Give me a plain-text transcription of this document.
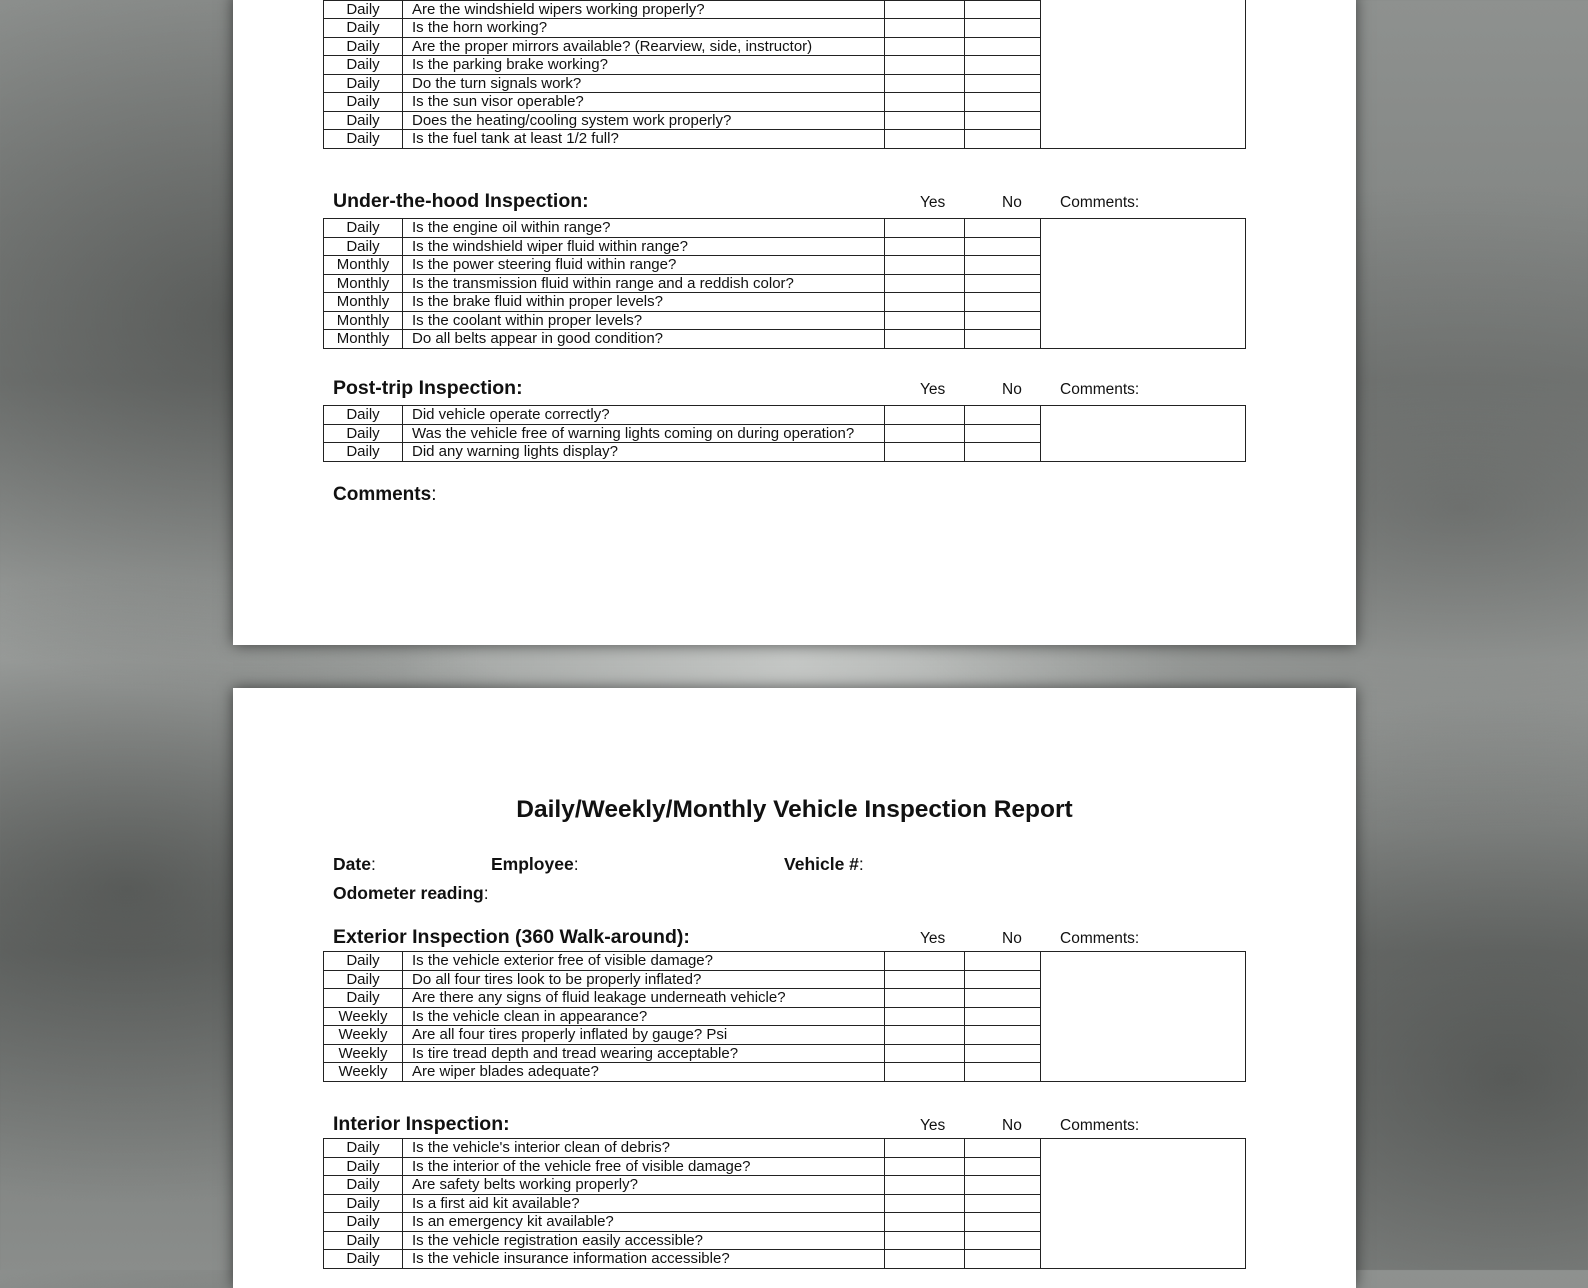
Daily	Are the windshield wipers working properly?			
Daily	Is the horn working?			
Daily	Are the proper mirrors available? (Rearview, side, instructor)			
Daily	Is the parking brake working?			
Daily	Do the turn signals work?			
Daily	Is the sun visor operable?			
Daily	Does the heating/cooling system work properly?			
Daily	Is the fuel tank at least 1/2 full?			
Under-the-hood Inspection:	Yes	No Comments:
Daily	Is the engine oil within range?			
Daily	Is the windshield wiper fluid within range?			
Monthly	Is the power steering fluid within range?			
Monthly	Is the transmission fluid within range and a reddish color?			
Monthly	Is the brake fluid within proper levels?			
Monthly	Is the coolant within proper levels?			
Monthly	Do all belts appear in good condition?			
Post-trip Inspection:	Yes	No Comments:
Daily	Did vehicle operate correctly?			
Daily	Was the vehicle free of warning lights coming on during operation?			
Daily	Did any warning lights display?			
Comments:
Daily/Weekly/Monthly Vehicle Inspection Report
Date:	Employee:	Vehicle #:
Odometer reading:
Exterior Inspection (360 Walk-around):	Yes	No Comments:
Daily	Is the vehicle exterior free of visible damage?			
Daily	Do all four tires look to be properly inflated?			
Daily	Are there any signs of fluid leakage underneath vehicle?			
Weekly	Is the vehicle clean in appearance?			
Weekly	Are all four tires properly inflated by gauge? Psi			
Weekly	Is tire tread depth and tread wearing acceptable?			
Weekly	Are wiper blades adequate?			
Interior Inspection:	Yes	No Comments:
Daily	Is the vehicle's interior clean of debris?			
Daily	Is the interior of the vehicle free of visible damage?			
Daily	Are safety belts working properly?			
Daily	Is a first aid kit available?			
Daily	Is an emergency kit available?			
Daily	Is the vehicle registration easily accessible?			
Daily	Is the vehicle insurance information accessible?			
